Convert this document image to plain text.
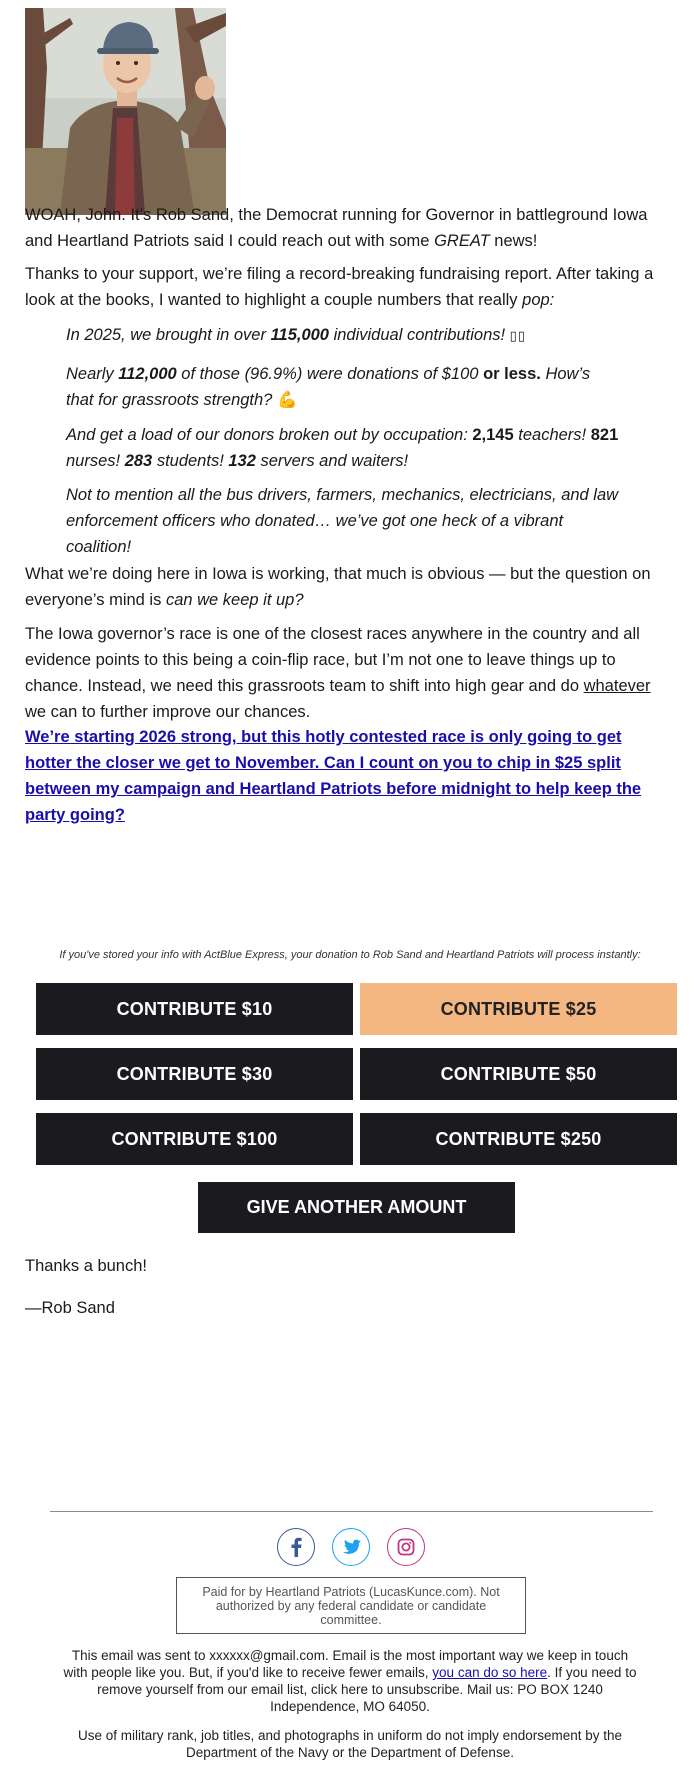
WOAH, John. It’s Rob Sand, the Democrat running for Governor in battleground Iowa
and Heartland Patriots said I could reach out with some GREAT news!

Thanks to your support, we’re filing a record-breaking fundraising report. After taking a
look at the books, I wanted to highlight a couple numbers that really pop:

In 2025, we brought in over 115,000 individual contributions! ▯▯

Nearly 112,000 of those (96.9%) were donations of $100 or less. How’s
that for grassroots strength? 💪

And get a load of our donors broken out by occupation: 2,145 teachers! 821
nurses! 283 students! 132 servers and waiters!

Not to mention all the bus drivers, farmers, mechanics, electricians, and law
enforcement officers who donated… we’ve got one heck of a vibrant
coalition!

What we’re doing here in Iowa is working, that much is obvious — but the question on
everyone’s mind is can we keep it up?

The Iowa governor’s race is one of the closest races anywhere in the country and all
evidence points to this being a coin-flip race, but I’m not one to leave things up to
chance. Instead, we need this grassroots team to shift into high gear and do whatever
we can to further improve our chances.

We’re starting 2026 strong, but this hotly contested race is only going to get
hotter the closer we get to November. Can I count on you to chip in $25 split
between my campaign and Heartland Patriots before midnight to help keep the
party going?

If you've stored your info with ActBlue Express, your donation to Rob Sand and Heartland Patriots will process instantly:
CONTRIBUTE $10	CONTRIBUTE $25
CONTRIBUTE $30	CONTRIBUTE $50
CONTRIBUTE $100	CONTRIBUTE $250
GIVE ANOTHER AMOUNT

Thanks a bunch!

—Rob Sand

Paid for by Heartland Patriots (LucasKunce.com). Not
authorized by any federal candidate or candidate
committee.
This email was sent to xxxxxx@gmail.com. Email is the most important way we keep in touch
with people like you. But, if you'd like to receive fewer emails, you can do so here. If you need to
remove yourself from our email list, click here to unsubscribe. Mail us: PO BOX 1240
Independence, MO 64050.
Use of military rank, job titles, and photographs in uniform do not imply endorsement by the
Department of the Navy or the Department of Defense.
